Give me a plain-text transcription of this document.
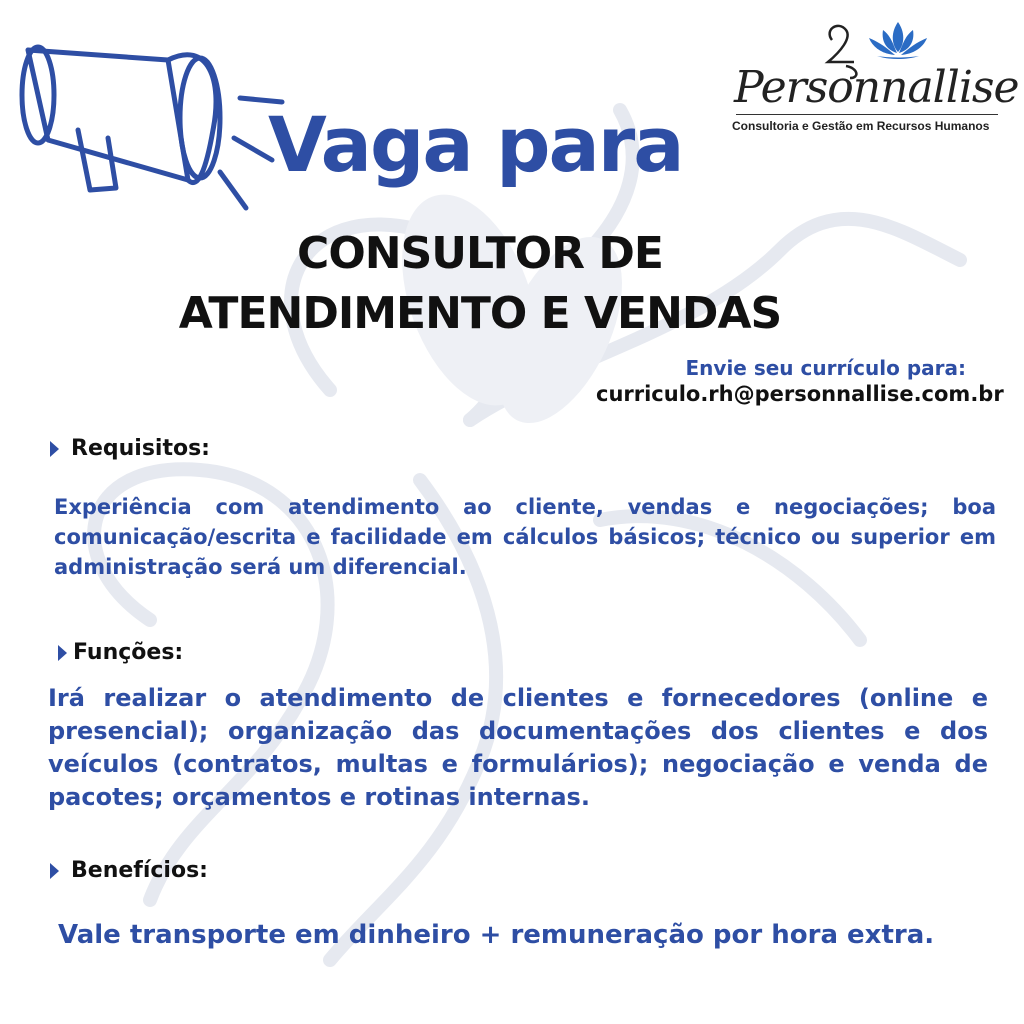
Personnallise
Consultoria e Gestão em Recursos Humanos
Vaga para
CONSULTOR DE
ATENDIMENTO E VENDAS
Envie seu currículo para:
curriculo.rh@personnallise.com.br
Requisitos:
Experiência com atendimento ao cliente, vendas e negociações; boa comunicação/escrita e facilidade em cálculos básicos; técnico ou superior em administração será um diferencial.
Funções:
Irá realizar o atendimento de clientes e fornecedores (online e presencial); organização das documentações dos clientes e dos veículos (contratos, multas e formulários); negociação e venda de pacotes; orçamentos e rotinas internas.
Benefícios:
Vale transporte em dinheiro + remuneração por hora extra.
